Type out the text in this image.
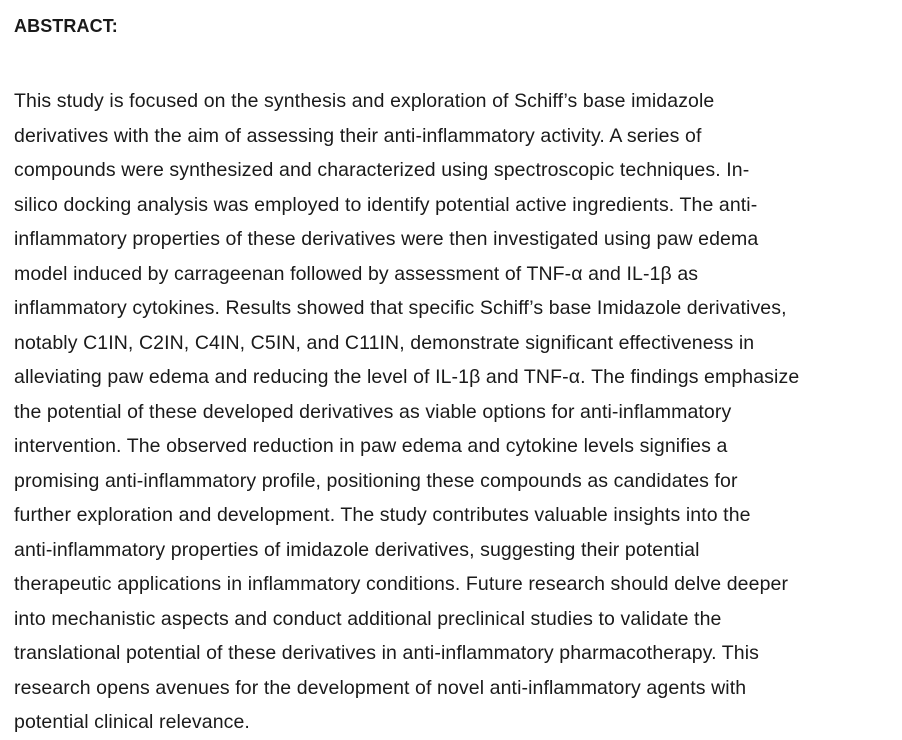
ABSTRACT:
This study is focused on the synthesis and exploration of Schiff’s base imidazole
derivatives with the aim of assessing their anti-inflammatory activity. A series of
compounds were synthesized and characterized using spectroscopic techniques. In-
silico docking analysis was employed to identify potential active ingredients. The anti-
inflammatory properties of these derivatives were then investigated using paw edema
model induced by carrageenan followed by assessment of TNF-α and IL-1β as
inflammatory cytokines. Results showed that specific Schiff’s base Imidazole derivatives,
notably C1IN, C2IN, C4IN, C5IN, and C11IN, demonstrate significant effectiveness in
alleviating paw edema and reducing the level of IL-1β and TNF-α. The findings emphasize
the potential of these developed derivatives as viable options for anti-inflammatory
intervention. The observed reduction in paw edema and cytokine levels signifies a
promising anti-inflammatory profile, positioning these compounds as candidates for
further exploration and development. The study contributes valuable insights into the
anti-inflammatory properties of imidazole derivatives, suggesting their potential
therapeutic applications in inflammatory conditions. Future research should delve deeper
into mechanistic aspects and conduct additional preclinical studies to validate the
translational potential of these derivatives in anti-inflammatory pharmacotherapy. This
research opens avenues for the development of novel anti-inflammatory agents with
potential clinical relevance.
